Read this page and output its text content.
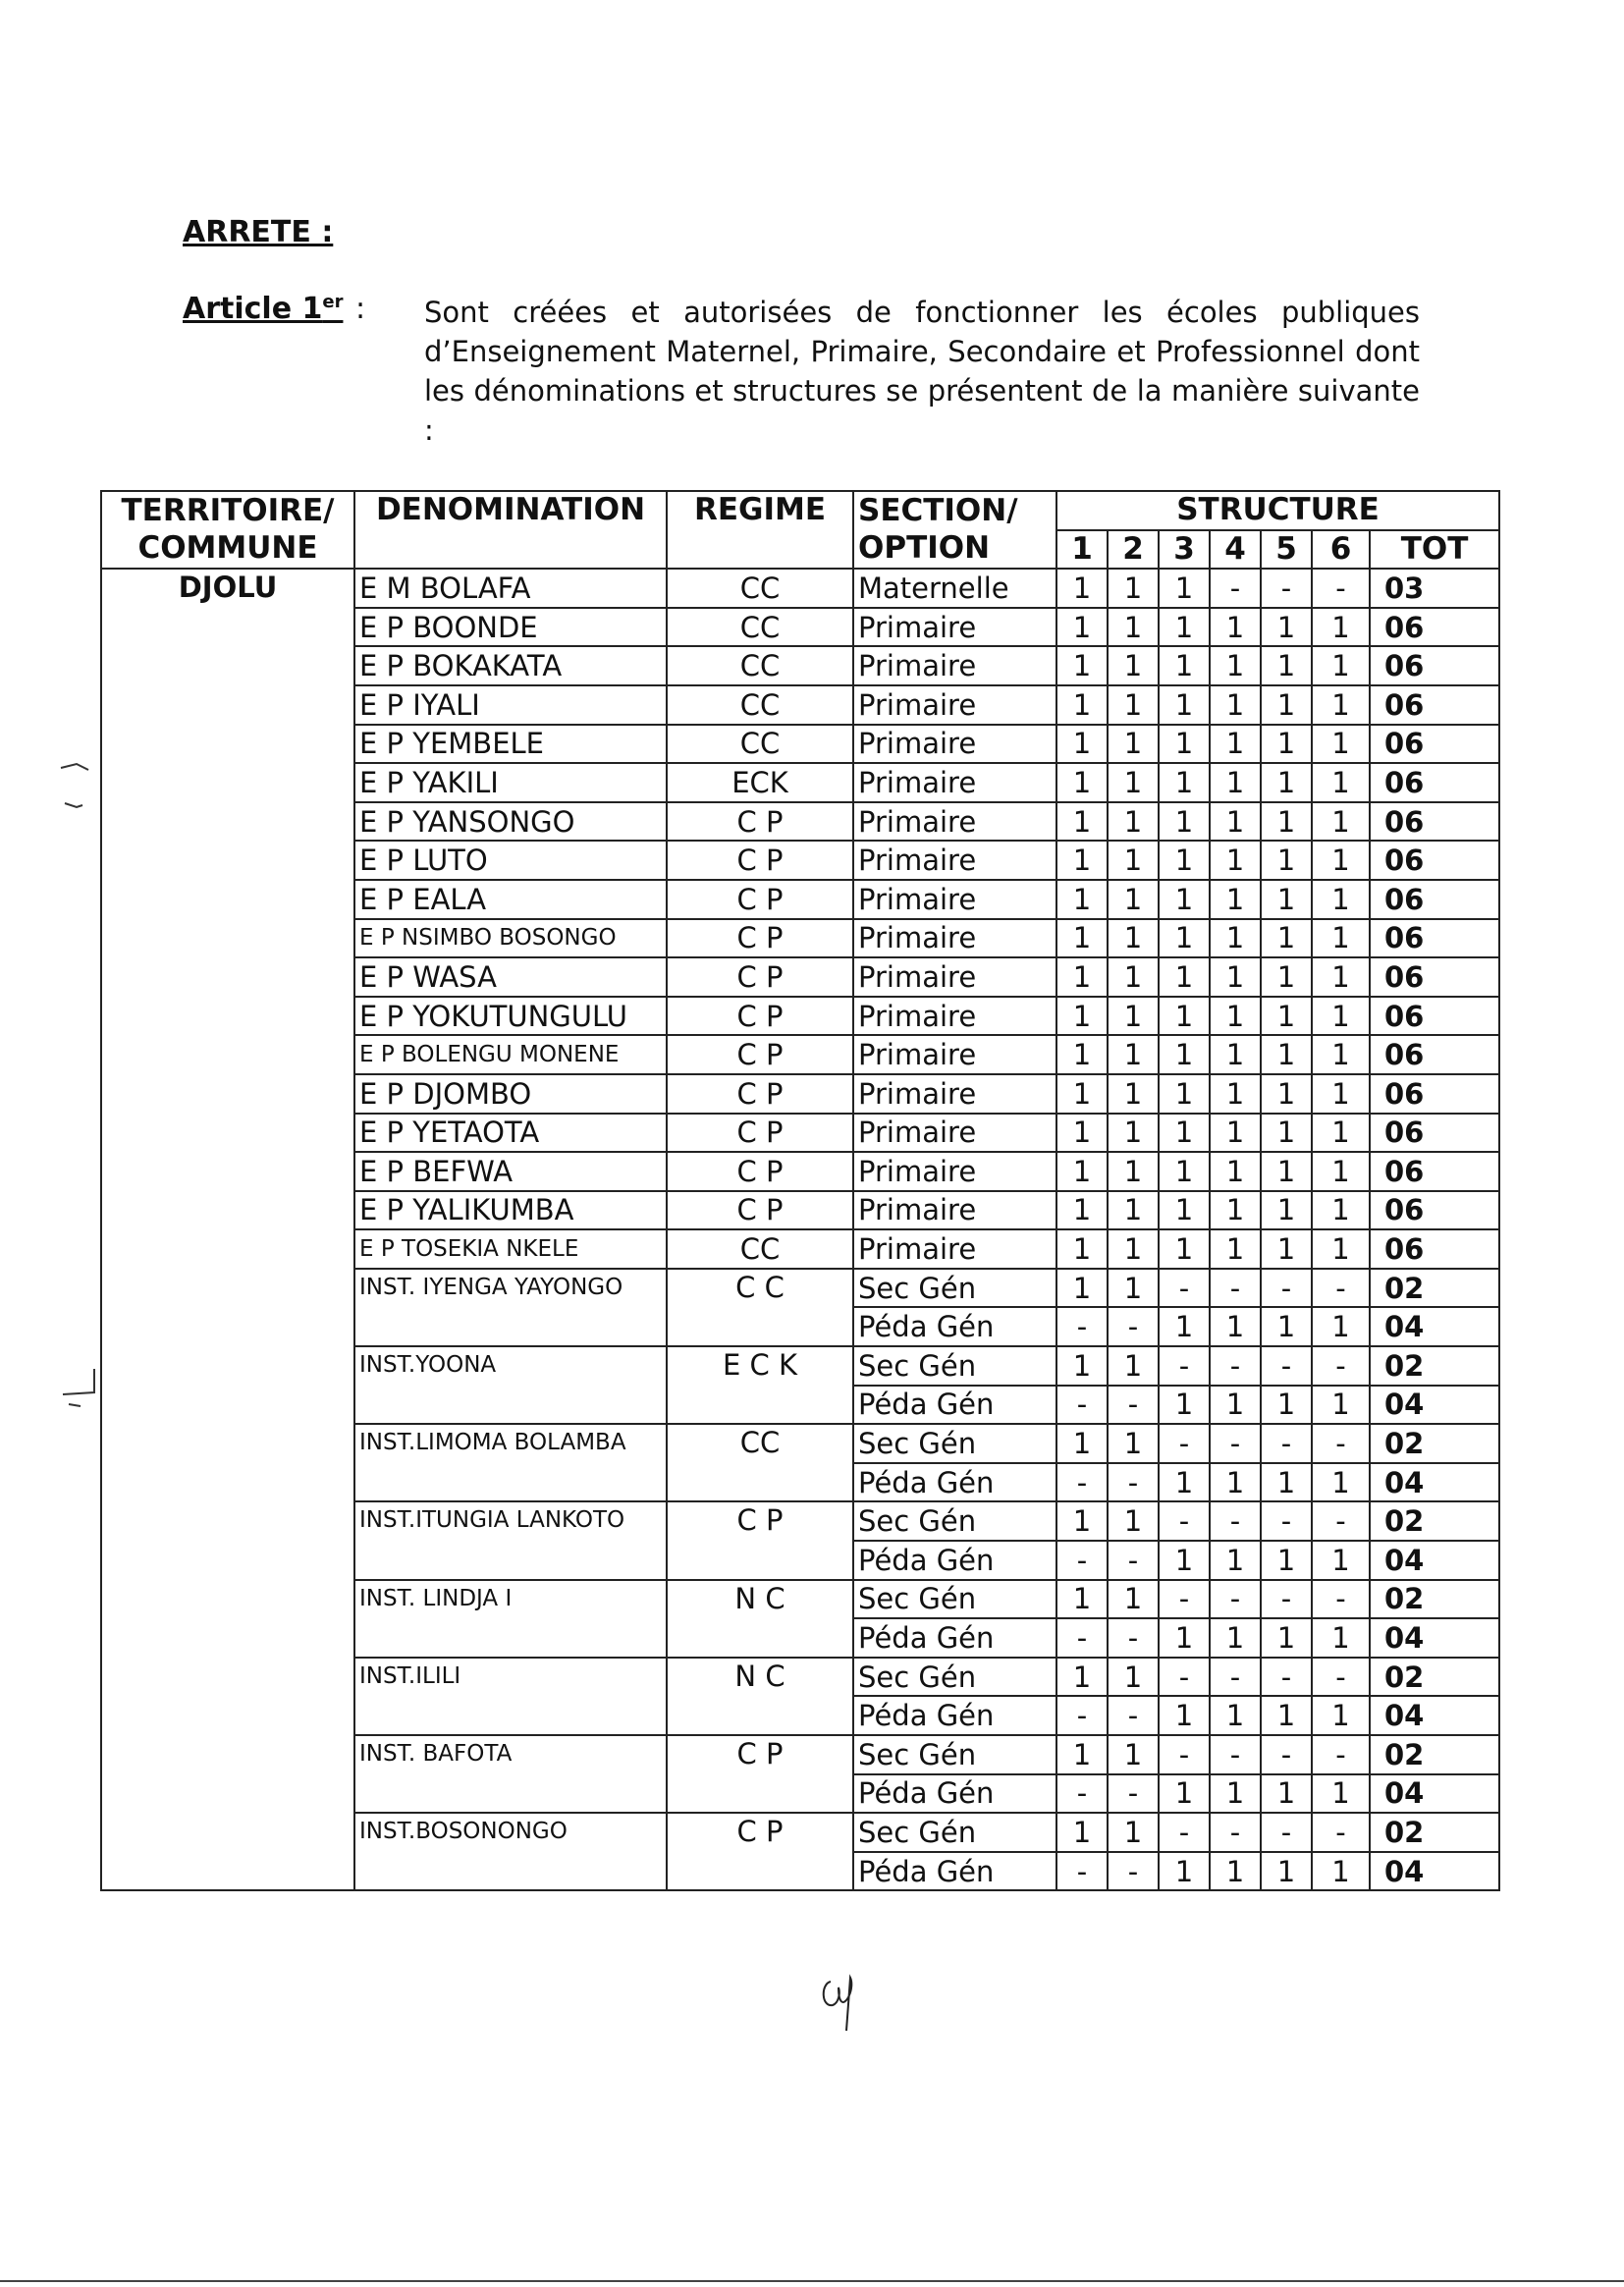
ARRETE :
Article 1er : Sont créées et autorisées de fonctionner les écoles publiques d’Enseignement Maternel, Primaire, Secondaire et Professionnel dont les dénominations et structures se présentent de la manière suivante :
TERRITOIRE/ COMMUNE	DENOMINATION	REGIME	SECTION/ OPTION	STRUCTURE						
				1	2	3	4	5	6	TOT
DJOLU	E M BOLAFA	CC	Maternelle	1	1	1	-	-	-	03
	E P BOONDE	CC	Primaire	1	1	1	1	1	1	06
	E P BOKAKATA	CC	Primaire	1	1	1	1	1	1	06
	E P IYALI	CC	Primaire	1	1	1	1	1	1	06
	E P YEMBELE	CC	Primaire	1	1	1	1	1	1	06
	E P YAKILI	ECK	Primaire	1	1	1	1	1	1	06
	E P YANSONGO	C P	Primaire	1	1	1	1	1	1	06
	E P LUTO	C P	Primaire	1	1	1	1	1	1	06
	E P EALA	C P	Primaire	1	1	1	1	1	1	06
	E P NSIMBO BOSONGO	C P	Primaire	1	1	1	1	1	1	06
	E P WASA	C P	Primaire	1	1	1	1	1	1	06
	E P YOKUTUNGULU	C P	Primaire	1	1	1	1	1	1	06
	E P BOLENGU MONENE	C P	Primaire	1	1	1	1	1	1	06
	E P DJOMBO	C P	Primaire	1	1	1	1	1	1	06
	E P YETAOTA	C P	Primaire	1	1	1	1	1	1	06
	E P BEFWA	C P	Primaire	1	1	1	1	1	1	06
	E P YALIKUMBA	C P	Primaire	1	1	1	1	1	1	06
	E P TOSEKIA NKELE	CC	Primaire	1	1	1	1	1	1	06
	INST. IYENGA YAYONGO	C C	Sec Gén	1	1	-	-	-	-	02
			Péda Gén	-	-	1	1	1	1	04
	INST.YOONA	E C K	Sec Gén	1	1	-	-	-	-	02
			Péda Gén	-	-	1	1	1	1	04
	INST.LIMOMA BOLAMBA	CC	Sec Gén	1	1	-	-	-	-	02
			Péda Gén	-	-	1	1	1	1	04
	INST.ITUNGIA LANKOTO	C P	Sec Gén	1	1	-	-	-	-	02
			Péda Gén	-	-	1	1	1	1	04
	INST. LINDJA I	N C	Sec Gén	1	1	-	-	-	-	02
			Péda Gén	-	-	1	1	1	1	04
	INST.ILILI	N C	Sec Gén	1	1	-	-	-	-	02
			Péda Gén	-	-	1	1	1	1	04
	INST. BAFOTA	C P	Sec Gén	1	1	-	-	-	-	02
			Péda Gén	-	-	1	1	1	1	04
	INST.BOSONONGO	C P	Sec Gén	1	1	-	-	-	-	02
			Péda Gén	-	-	1	1	1	1	04
